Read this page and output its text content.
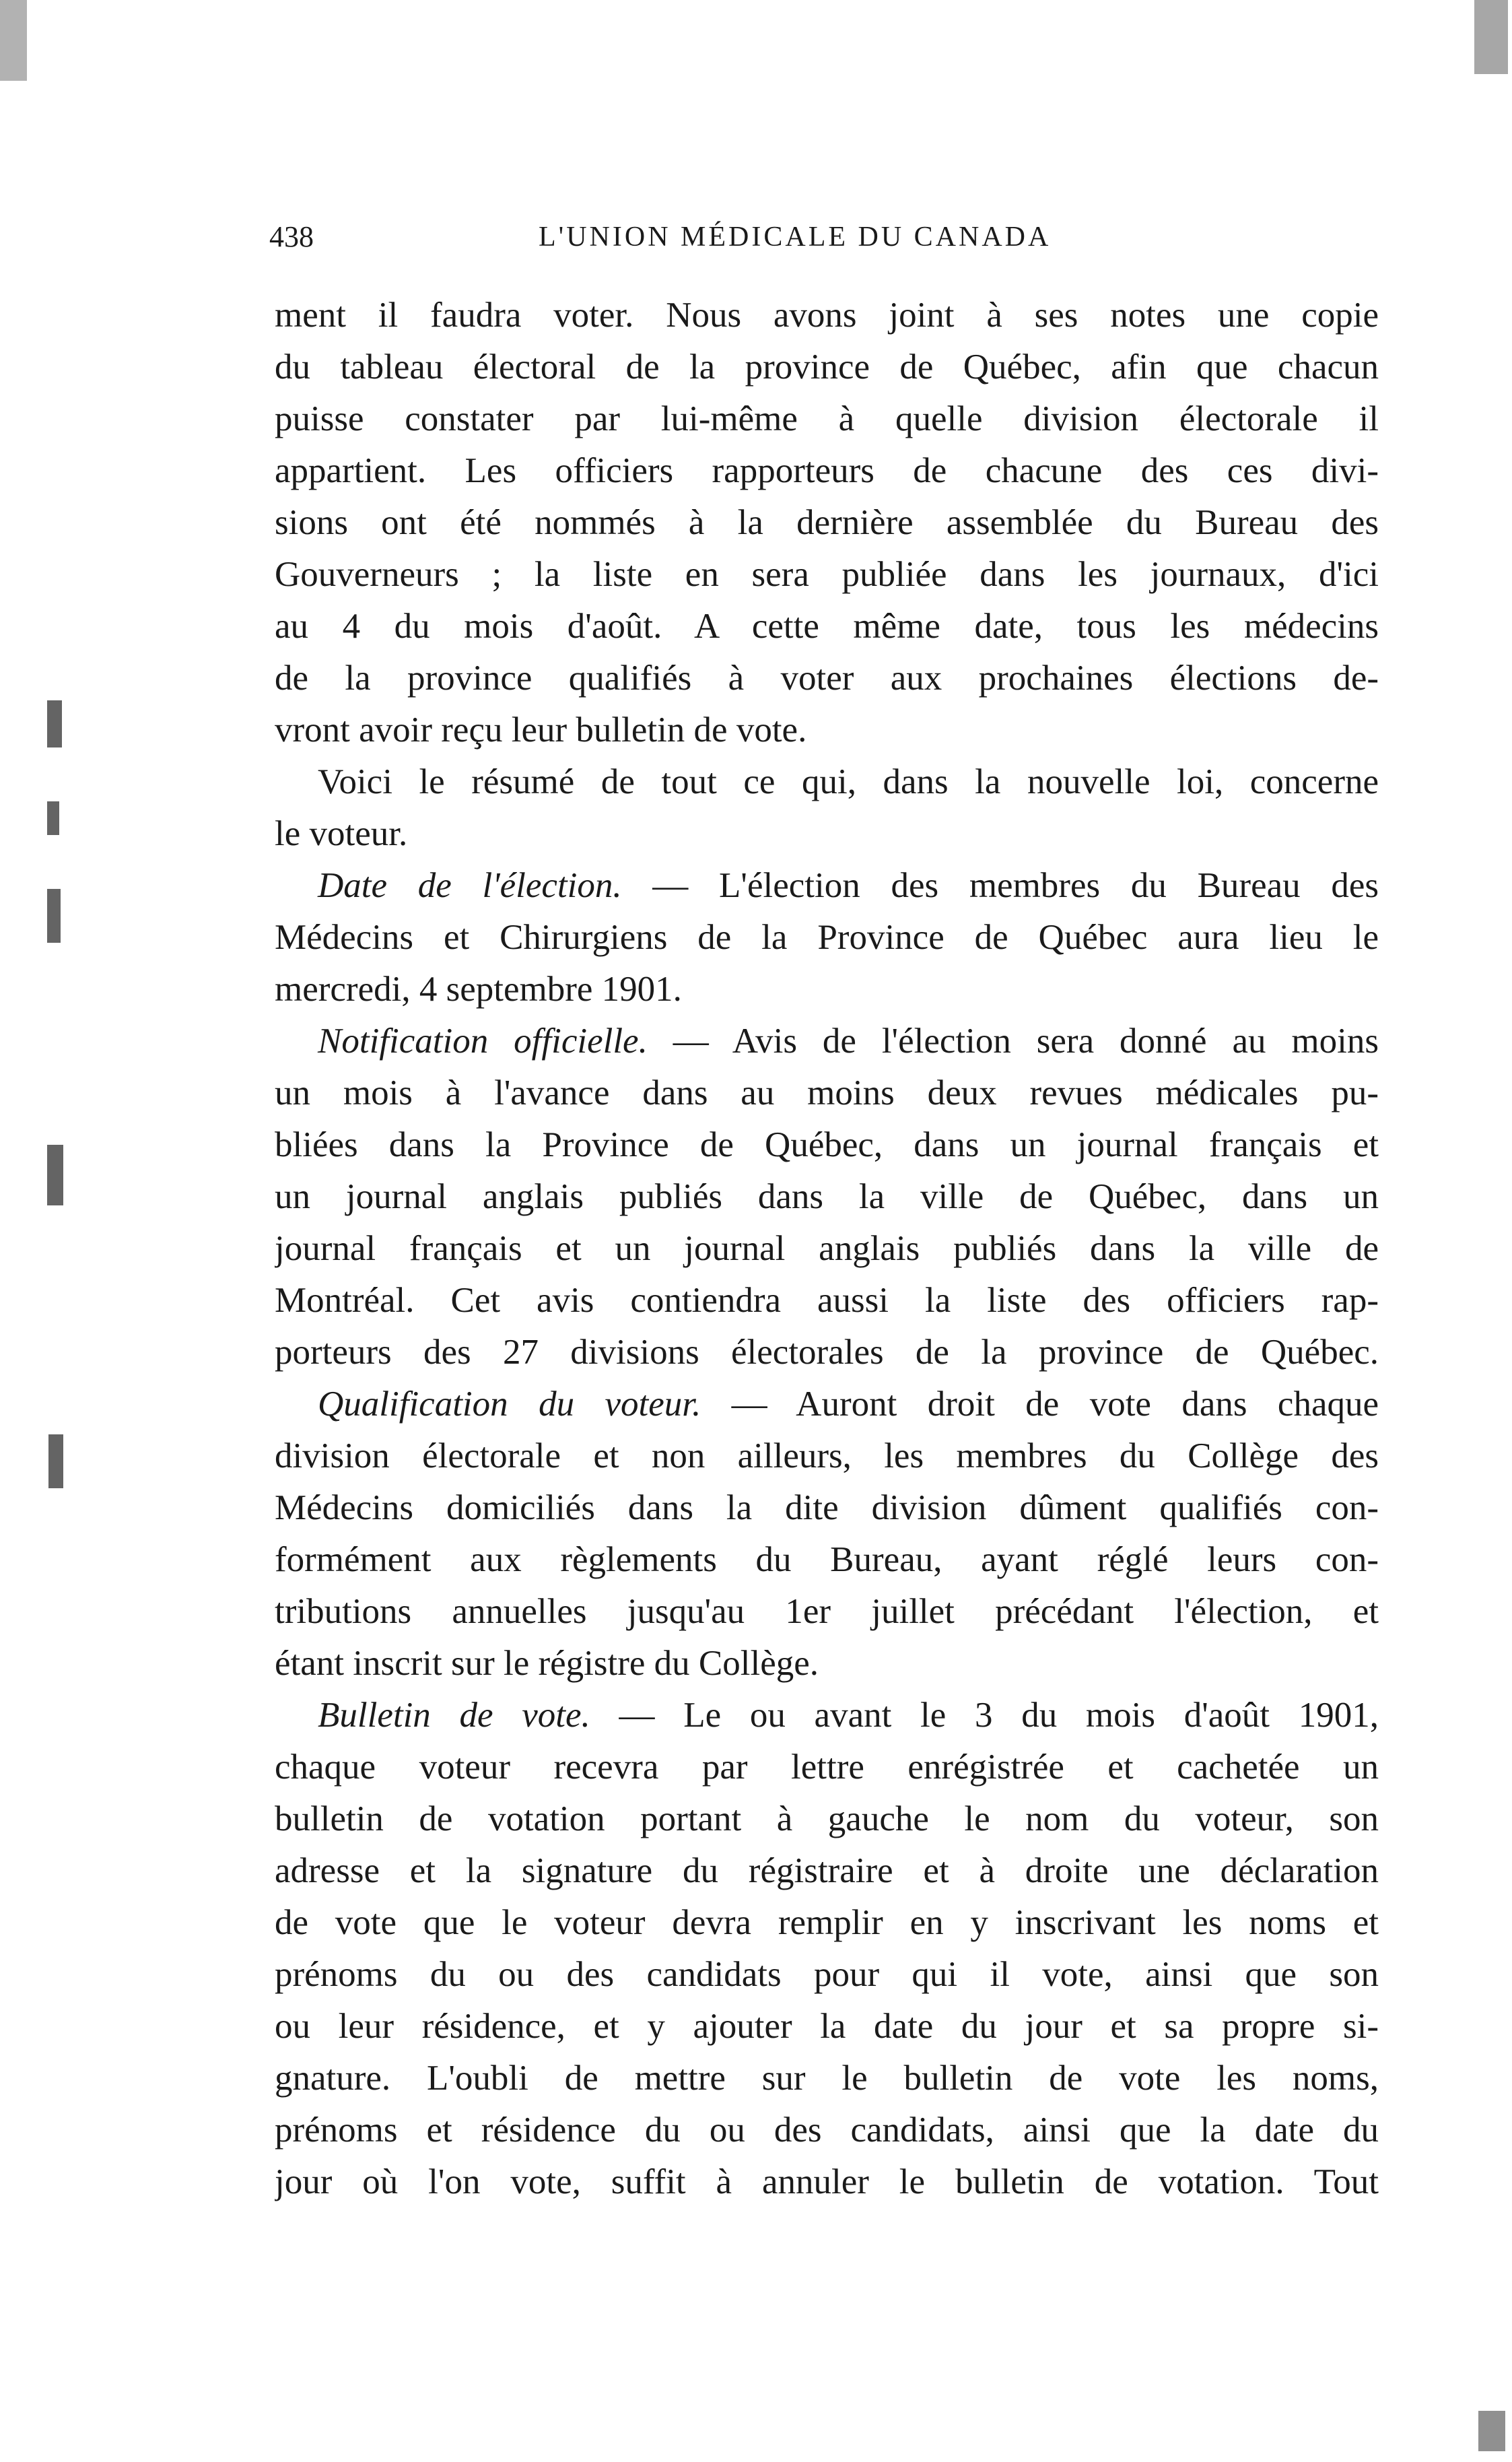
438	L'UNION MÉDICALE DU CANADA
ment il faudra voter. Nous avons joint à ses notes une copie
du tableau électoral de la province de Québec, afin que chacun
puisse constater par lui-même à quelle division électorale il
appartient. Les officiers rapporteurs de chacune des ces divi-
sions ont été nommés à la dernière assemblée du Bureau des
Gouverneurs ; la liste en sera publiée dans les journaux, d'ici
au 4 du mois d'août. A cette même date, tous les médecins
de la province qualifiés à voter aux prochaines élections de-
vront avoir reçu leur bulletin de vote.
Voici le résumé de tout ce qui, dans la nouvelle loi, concerne
le voteur.
Date de l'élection. — L'élection des membres du Bureau des
Médecins et Chirurgiens de la Province de Québec aura lieu le
mercredi, 4 septembre 1901.
Notification officielle. — Avis de l'élection sera donné au moins
un mois à l'avance dans au moins deux revues médicales pu-
bliées dans la Province de Québec, dans un journal français et
un journal anglais publiés dans la ville de Québec, dans un
journal français et un journal anglais publiés dans la ville de
Montréal. Cet avis contiendra aussi la liste des officiers rap-
porteurs des 27 divisions électorales de la province de Québec.
Qualification du voteur. — Auront droit de vote dans chaque
division électorale et non ailleurs, les membres du Collège des
Médecins domiciliés dans la dite division dûment qualifiés con-
formément aux règlements du Bureau, ayant réglé leurs con-
tributions annuelles jusqu'au 1er juillet précédant l'élection, et
étant inscrit sur le régistre du Collège.
Bulletin de vote. — Le ou avant le 3 du mois d'août 1901,
chaque voteur recevra par lettre enrégistrée et cachetée un
bulletin de votation portant à gauche le nom du voteur, son
adresse et la signature du régistraire et à droite une déclaration
de vote que le voteur devra remplir en y inscrivant les noms et
prénoms du ou des candidats pour qui il vote, ainsi que son
ou leur résidence, et y ajouter la date du jour et sa propre si-
gnature. L'oubli de mettre sur le bulletin de vote les noms,
prénoms et résidence du ou des candidats, ainsi que la date du
jour où l'on vote, suffit à annuler le bulletin de votation. Tout
